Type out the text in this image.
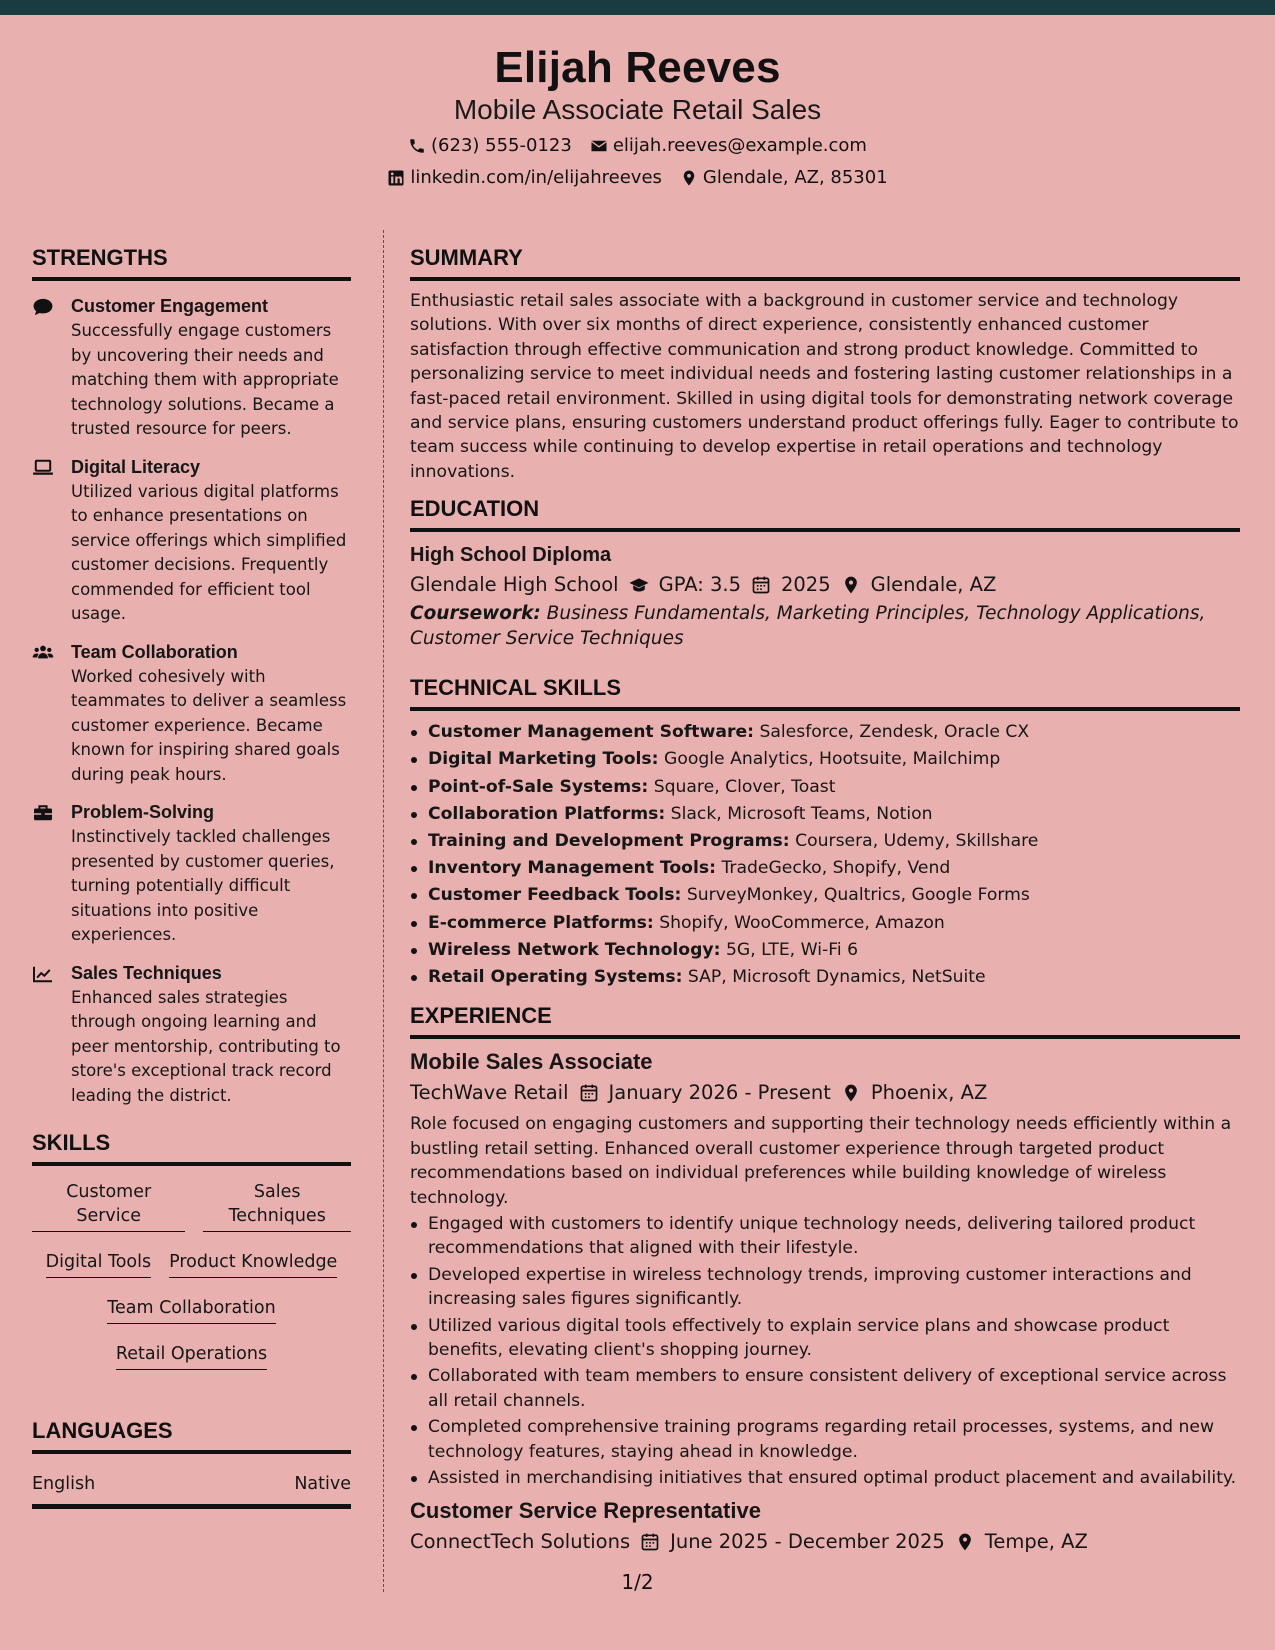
Elijah Reeves
Mobile Associate Retail Sales
(623) 555-0123 elijah.reeves@example.com
linkedin.com/in/elijahreeves Glendale, AZ, 85301
STRENGTHS
Customer Engagement
Successfully engage customers by uncovering their needs and matching them with appropriate technology solutions. Became a trusted resource for peers.
Digital Literacy
Utilized various digital platforms to enhance presentations on service offerings which simplified customer decisions. Frequently commended for efficient tool usage.
Team Collaboration
Worked cohesively with teammates to deliver a seamless customer experience. Became known for inspiring shared goals during peak hours.
Problem-Solving
Instinctively tackled challenges presented by customer queries, turning potentially difficult situations into positive experiences.
Sales Techniques
Enhanced sales strategies through ongoing learning and peer mentorship, contributing to store's exceptional track record leading the district.
SKILLS
Customer Service
Sales Techniques
Digital Tools Product Knowledge
Team Collaboration
Retail Operations
LANGUAGES
English	Native
SUMMARY
Enthusiastic retail sales associate with a background in customer service and technology solutions. With over six months of direct experience, consistently enhanced customer satisfaction through effective communication and strong product knowledge. Committed to personalizing service to meet individual needs and fostering lasting customer relationships in a fast-paced retail environment. Skilled in using digital tools for demonstrating network coverage and service plans, ensuring customers understand product offerings fully. Eager to contribute to team success while continuing to develop expertise in retail operations and technology innovations.
EDUCATION
High School Diploma
Glendale High School GPA: 3.5 2025 Glendale, AZ
Coursework: Business Fundamentals, Marketing Principles, Technology Applications, Customer Service Techniques
TECHNICAL SKILLS
Customer Management Software: Salesforce, Zendesk, Oracle CX
Digital Marketing Tools: Google Analytics, Hootsuite, Mailchimp
Point-of-Sale Systems: Square, Clover, Toast
Collaboration Platforms: Slack, Microsoft Teams, Notion
Training and Development Programs: Coursera, Udemy, Skillshare
Inventory Management Tools: TradeGecko, Shopify, Vend
Customer Feedback Tools: SurveyMonkey, Qualtrics, Google Forms
E-commerce Platforms: Shopify, WooCommerce, Amazon
Wireless Network Technology: 5G, LTE, Wi-Fi 6
Retail Operating Systems: SAP, Microsoft Dynamics, NetSuite
EXPERIENCE
Mobile Sales Associate
TechWave Retail January 2026 - Present Phoenix, AZ
Role focused on engaging customers and supporting their technology needs efficiently within a bustling retail setting. Enhanced overall customer experience through targeted product recommendations based on individual preferences while building knowledge of wireless technology.
Engaged with customers to identify unique technology needs, delivering tailored product recommendations that aligned with their lifestyle.
Developed expertise in wireless technology trends, improving customer interactions and increasing sales figures significantly.
Utilized various digital tools effectively to explain service plans and showcase product benefits, elevating client's shopping journey.
Collaborated with team members to ensure consistent delivery of exceptional service across all retail channels.
Completed comprehensive training programs regarding retail processes, systems, and new technology features, staying ahead in knowledge.
Assisted in merchandising initiatives that ensured optimal product placement and availability.
Customer Service Representative
ConnectTech Solutions June 2025 - December 2025 Tempe, AZ
1/2
